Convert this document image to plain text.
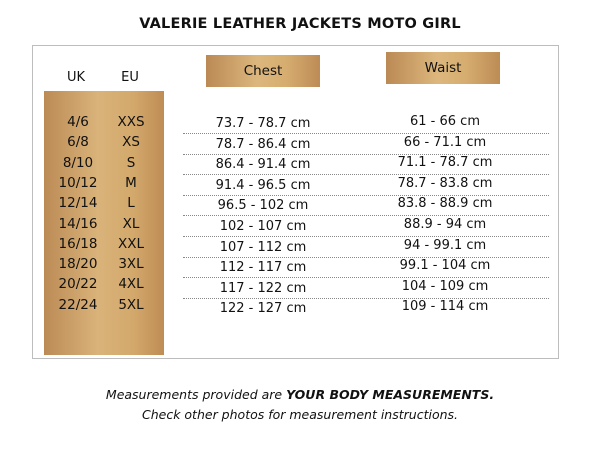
VALERIE LEATHER JACKETS MOTO GIRL
UK	EU	Chest	Waist
4/6	XXS	73.7 - 78.7 cm	61 - 66 cm
6/8	XS	78.7 - 86.4 cm	66 - 71.1 cm
8/10	S	86.4 - 91.4 cm	71.1 - 78.7 cm
10/12	M	91.4 - 96.5 cm	78.7 - 83.8 cm
12/14	L	96.5 - 102 cm	83.8 - 88.9 cm
14/16	XL	102 - 107 cm	88.9 - 94 cm
16/18	XXL	107 - 112 cm	94 - 99.1 cm
18/20	3XL	112 - 117 cm	99.1 - 104 cm
20/22	4XL	117 - 122 cm	104 - 109 cm
22/24	5XL	122 - 127 cm	109 - 114 cm
Measurements provided are YOUR BODY MEASUREMENTS.
Check other photos for measurement instructions.
